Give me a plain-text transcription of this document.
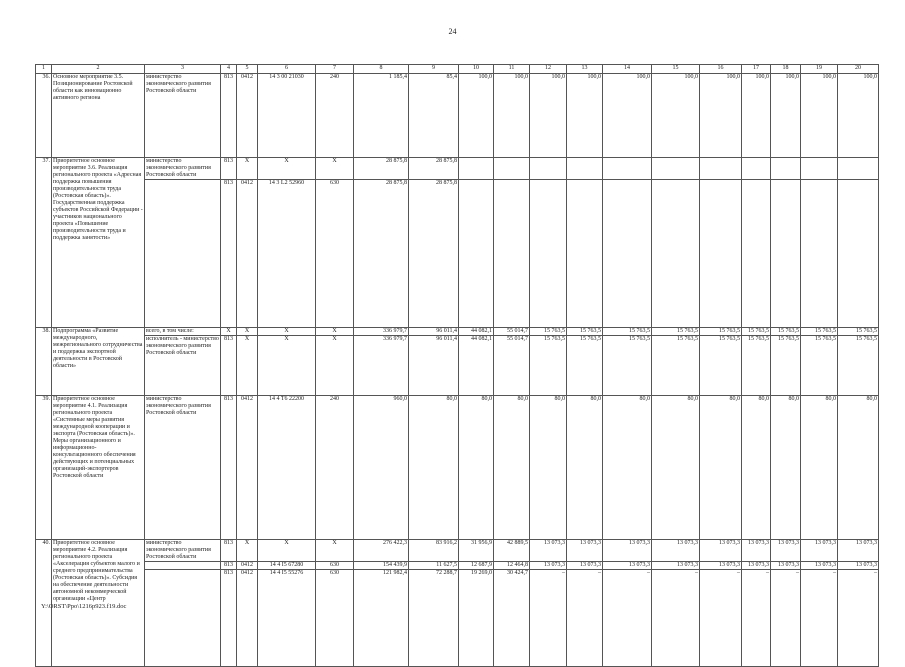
24
1	2	3	4	5	6	7	8	9	10	11	12	13	14	15	16	17	18	19	20
36.	Основное мероприятие 3.5. Позиционирование Ростовской области как инновационно активного региона	министерство экономического развития Ростовской области	813	0412	14 3 00 21030	240	1 185,4	85,4	100,0	100,0	100,0	100,0	100,0	100,0	100,0	100,0	100,0	100,0	100,0
37.	Приоритетное основное мероприятие 3.6. Реализация регионального проекта «Адресная поддержка повышения производительности труда (Ростовская область)». Государственная поддержка субъектов Российской Федерации - участников национального проекта «Повышение производительности труда и поддержка занятости»	министерство экономического развития Ростовской области	813	X	X	X	28 875,8	28 875,8											
			813	0412	14 3 L2 52960	630	28 875,8	28 875,8											
38.	Подпрограмма «Развитие международного, межрегионального сотрудничества и поддержка экспортной деятельности в Ростовской области»	всего, в том числе:	X	X	X	X	336 979,7	96 011,4	44 082,1	55 014,7	15 763,5	15 763,5	15 763,5	15 763,5	15 763,5	15 763,5	15 763,5	15 763,5	15 763,5
		исполнитель - министерство экономического развития Ростовской области	813	X	X	X	336 979,7	96 011,4	44 082,1	55 014,7	15 763,5	15 763,5	15 763,5	15 763,5	15 763,5	15 763,5	15 763,5	15 763,5	15 763,5
39.	Приоритетное основное мероприятие 4.1. Реализация регионального проекта «Системные меры развития международной кооперации и экспорта (Ростовская область)». Меры организационного и информационно-консультационного обеспечения действующих и потенциальных организаций-экспортеров Ростовской области	министерство экономического развития Ростовской области	813	0412	14 4 T6 22200	240	960,0	80,0	80,0	80,0	80,0	80,0	80,0	80,0	80,0	80,0	80,0	80,0	80,0
40.	Приоритетное основное мероприятие 4.2. Реализация регионального проекта «Акселерация субъектов малого и среднего предпринимательства (Ростовская область)». Субсидия на обеспечение деятельности автономной некоммерческой организации «Центр	министерство экономического развития Ростовской области	813	X	X	X	276 422,3	83 916,2	31 956,9	42 889,5	13 073,3	13 073,3	13 073,3	13 073,3	13 073,3	13 073,3	13 073,3	13 073,3	13 073,3
			813	0412	14 4 I5 67280	630	154 439,9	11 627,5	12 687,9	12 464,8	13 073,3	13 073,3	13 073,3	13 073,3	13 073,3	13 073,3	13 073,3	13 073,3	13 073,3
			813	0412	14 4 I5 55276	630	121 982,4	72 288,7	19 269,0	30 424,7	–	–	–	–	–	–	–	–	–
Y:\ORST\Ppo\1216p923.f19.doc
